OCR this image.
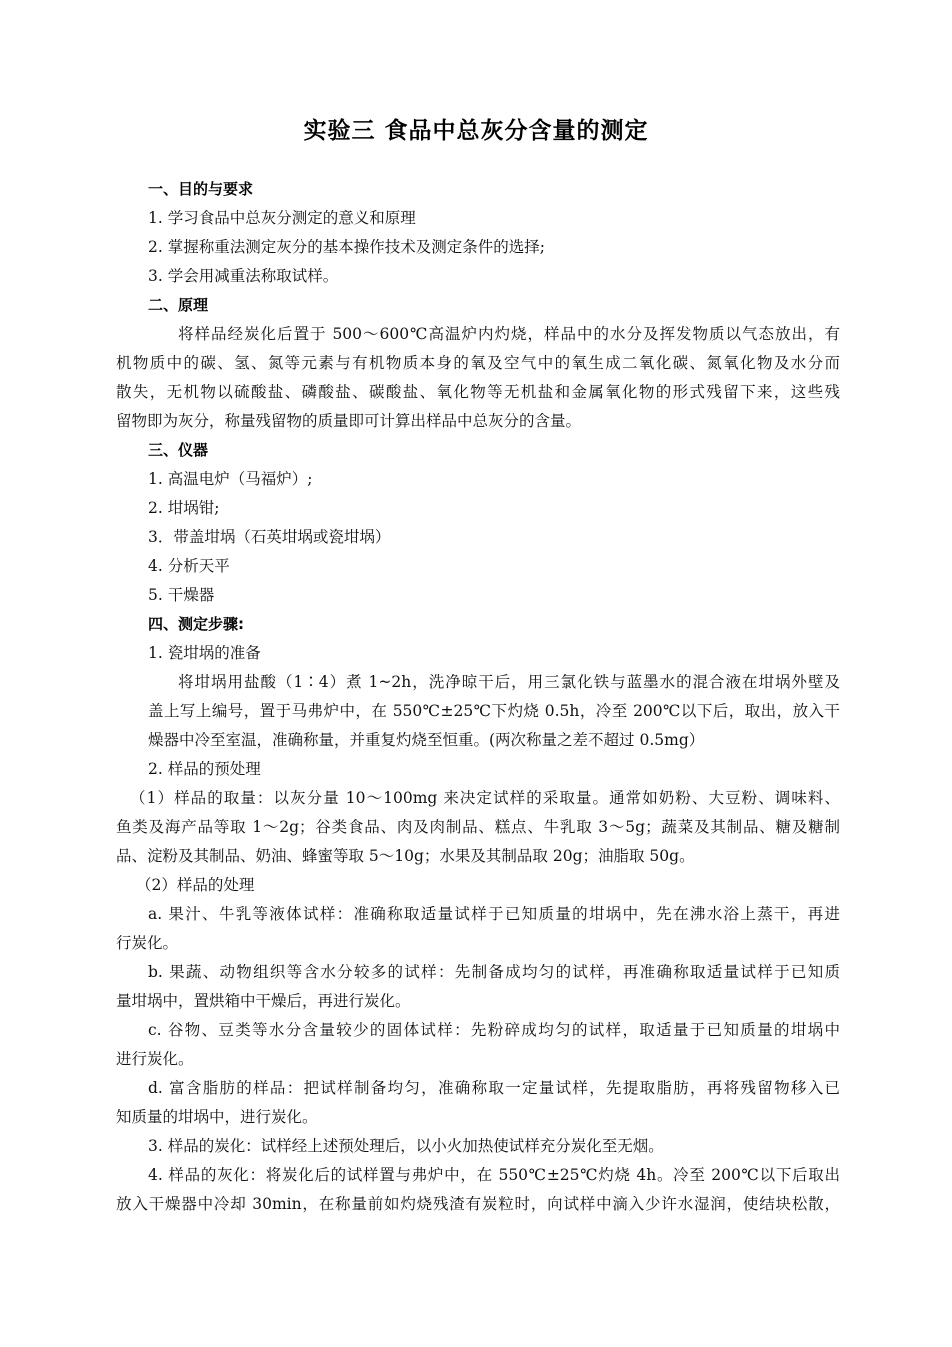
实验三 食品中总灰分含量的测定
一、目的与要求
1. 学习食品中总灰分测定的意义和原理
2. 掌握称重法测定灰分的基本操作技术及测定条件的选择;
3. 学会用减重法称取试样。
二、原理
将样品经炭化后置于 500～600℃高温炉内灼烧，样品中的水分及挥发物质以气态放出，有
机物质中的碳、氢、氮等元素与有机物质本身的氧及空气中的氧生成二氧化碳、氮氧化物及水分而
散失，无机物以硫酸盐、磷酸盐、碳酸盐、氧化物等无机盐和金属氧化物的形式残留下来，这些残
留物即为灰分，称量残留物的质量即可计算出样品中总灰分的含量。
三、仪器
1. 高温电炉（马福炉）;
2. 坩埚钳;
3．带盖坩埚（石英坩埚或瓷坩埚）
4. 分析天平
5. 干燥器
四、测定步骤:
1. 瓷坩埚的准备
将坩埚用盐酸（1∶4）煮 1~2h，洗净晾干后，用三氯化铁与蓝墨水的混合液在坩埚外壁及
盖上写上编号，置于马弗炉中，在 550℃±25℃下灼烧 0.5h，冷至 200℃以下后，取出，放入干
燥器中冷至室温，准确称量，并重复灼烧至恒重。(两次称量之差不超过 0.5mg）
2. 样品的预处理
（1）样品的取量：以灰分量 10～100mg 来决定试样的采取量。通常如奶粉、大豆粉、调味料、
鱼类及海产品等取 1～2g；谷类食品、肉及肉制品、糕点、牛乳取 3～5g；蔬菜及其制品、糖及糖制
品、淀粉及其制品、奶油、蜂蜜等取 5～10g；水果及其制品取 20g；油脂取 50g。
（2）样品的处理
a. 果汁、牛乳等液体试样：准确称取适量试样于已知质量的坩埚中，先在沸水浴上蒸干，再进
行炭化。
b. 果蔬、动物组织等含水分较多的试样：先制备成均匀的试样，再准确称取适量试样于已知质
量坩埚中，置烘箱中干燥后，再进行炭化。
c. 谷物、豆类等水分含量较少的固体试样：先粉碎成均匀的试样，取适量于已知质量的坩埚中
进行炭化。
d. 富含脂肪的样品：把试样制备均匀，准确称取一定量试样，先提取脂肪，再将残留物移入已
知质量的坩埚中，进行炭化。
3. 样品的炭化：试样经上述预处理后，以小火加热使试样充分炭化至无烟。
4. 样品的灰化：将炭化后的试样置与弗炉中，在 550℃±25℃灼烧 4h。冷至 200℃以下后取出
放入干燥器中冷却 30min，在称量前如灼烧残渣有炭粒时，向试样中滴入少许水湿润，使结块松散，
